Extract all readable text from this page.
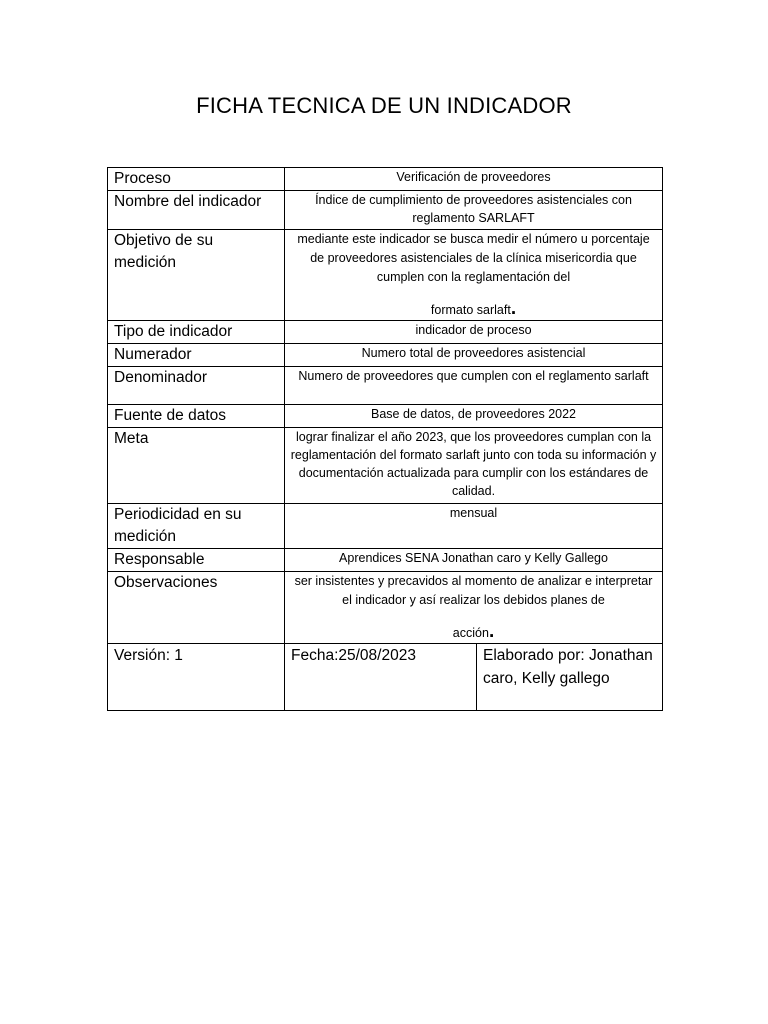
FICHA TECNICA DE UN INDICADOR
Proceso	Verificación de proveedores	
Nombre del indicador	Índice de cumplimiento de proveedores asistenciales con reglamento SARLAFT	
Objetivo de su medición	mediante este indicador se busca medir el número u porcentaje de proveedores asistenciales de la clínica misericordia que cumplen con la reglamentación del
formato sarlaft.	
Tipo de indicador	indicador de proceso	
Numerador	Numero total de proveedores asistencial	
Denominador	Numero de proveedores que cumplen con el reglamento sarlaft	
Fuente de datos	Base de datos, de proveedores 2022	
Meta	lograr finalizar el año 2023, que los proveedores cumplan con la reglamentación del formato sarlaft junto con toda su información y documentación actualizada para cumplir con los estándares de calidad.	
Periodicidad en su medición	mensual	
Responsable	Aprendices SENA Jonathan caro y Kelly Gallego	
Observaciones	ser insistentes y precavidos al momento de analizar e interpretar el indicador y así realizar los debidos planes de
acción.	
Versión: 1	Fecha:25/08/2023	Elaborado por: Jonathan caro, Kelly gallego
